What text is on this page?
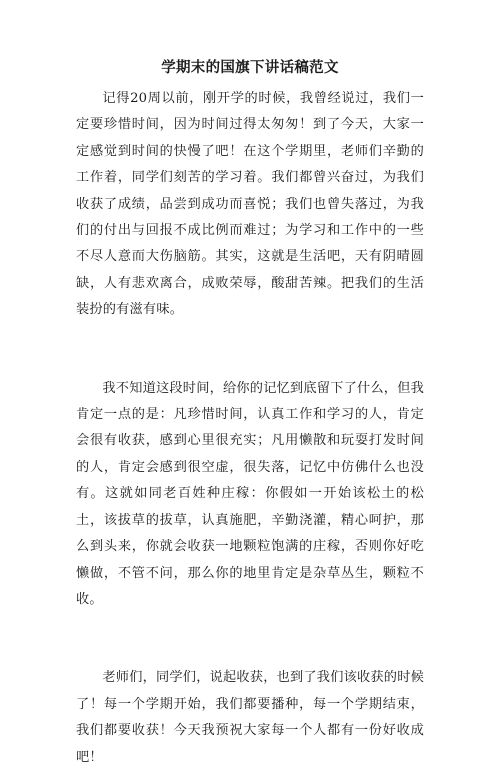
学期末的国旗下讲话稿范文

记得20周以前，刚开学的时候，我曾经说过，我们一定要珍惜时间，因为时间过得太匆匆！到了今天，大家一定感觉到时间的快慢了吧！在这个学期里，老师们辛勤的工作着，同学们刻苦的学习着。我们都曾兴奋过，为我们收获了成绩，品尝到成功而喜悦；我们也曾失落过，为我们的付出与回报不成比例而难过；为学习和工作中的一些不尽人意而大伤脑筋。其实，这就是生活吧，天有阴晴圆缺，人有悲欢离合，成败荣辱，酸甜苦辣。把我们的生活装扮的有滋有味。

我不知道这段时间，给你的记忆到底留下了什么，但我肯定一点的是：凡珍惜时间，认真工作和学习的人，肯定会很有收获，感到心里很充实；凡用懒散和玩耍打发时间的人，肯定会感到很空虚，很失落，记忆中仿佛什么也没有。这就如同老百姓种庄稼：你假如一开始该松土的松土，该拔草的拔草，认真施肥，辛勤浇灌，精心呵护，那么到头来，你就会收获一地颗粒饱满的庄稼，否则你好吃懒做，不管不问，那么你的地里肯定是杂草丛生，颗粒不收。

老师们，同学们，说起收获，也到了我们该收获的时候了！每一个学期开始，我们都要播种，每一个学期结束，我们都要收获！今天我预祝大家每一个人都有一份好收成吧！
